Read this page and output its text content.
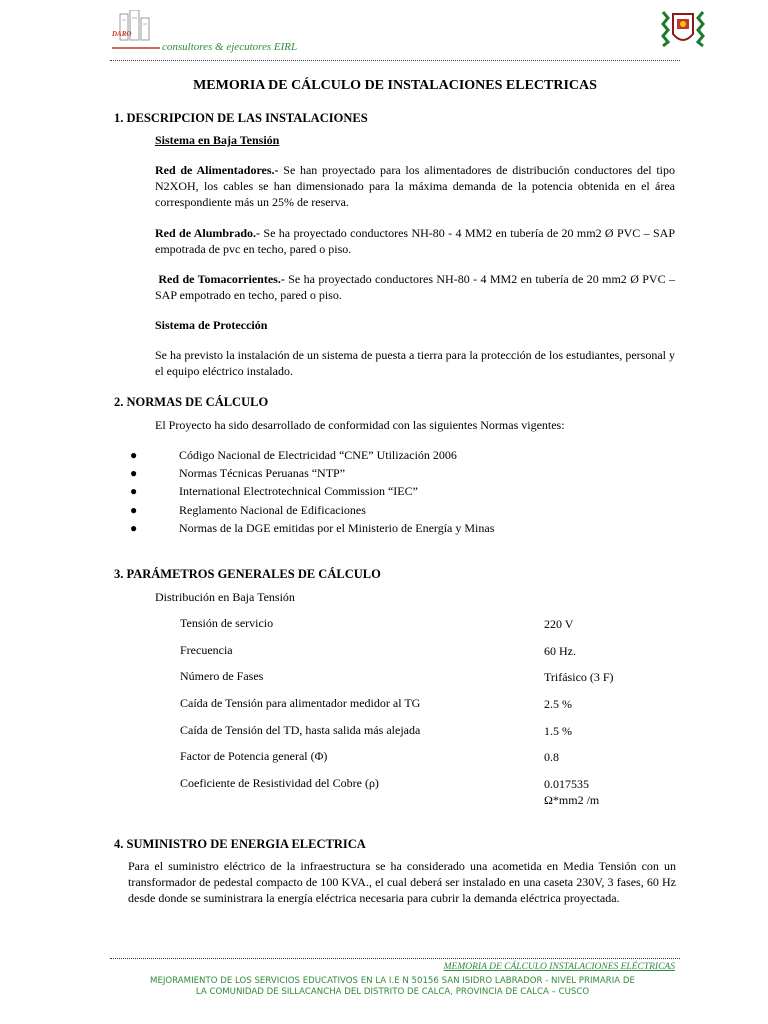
DARO
consultores & ejecutores EIRL
MEMORIA DE CÁLCULO DE INSTALACIONES ELECTRICAS
1. DESCRIPCION DE LAS INSTALACIONES
Sistema en Baja Tensión
Red de Alimentadores.- Se han proyectado para los alimentadores de distribución conductores del tipo N2XOH, los cables se han dimensionado para la máxima demanda de la potencia obtenida en el área correspondiente más un 25% de reserva.
Red de Alumbrado.- Se ha proyectado conductores NH-80 - 4 MM2 en tubería de 20 mm2 Ø PVC – SAP empotrada de pvc en techo, pared o piso.
Red de Tomacorrientes.- Se ha proyectado conductores NH-80 - 4 MM2 en tubería de 20 mm2 Ø PVC – SAP empotrado en techo, pared o piso.
Sistema de Protección
Se ha previsto la instalación de un sistema de puesta a tierra para la protección de los estudiantes, personal y el equipo eléctrico instalado.
2. NORMAS DE CÁLCULO
El Proyecto ha sido desarrollado de conformidad con las siguientes Normas vigentes:
●	Código Nacional de Electricidad “CNE” Utilización 2006
●	Normas Técnicas Peruanas “NTP”
●	International Electrotechnical Commission “IEC”
●	Reglamento Nacional de Edificaciones
●	Normas de la DGE emitidas por el Ministerio de Energía y Minas
3. PARÁMETROS GENERALES DE CÁLCULO
Distribución en Baja Tensión
Tensión de servicio	220 V
Frecuencia	60 Hz.
Número de Fases	Trifásico (3 F)
Caída de Tensión para alimentador medidor al TG	2.5 %
Caída de Tensión del TD, hasta salida más alejada	1.5 %
Factor de Potencia general (Φ)	0.8
Coeficiente de Resistividad del Cobre (ρ)	0.017535
Ω*mm2 /m
4. SUMINISTRO DE ENERGIA ELECTRICA
Para el suministro eléctrico de la infraestructura se ha considerado una acometida en Media Tensión con un transformador de pedestal compacto de 100 KVA., el cual deberá ser instalado en una caseta 230V, 3 fases, 60 Hz desde donde se suministrara la energía eléctrica necesaria para cubrir la demanda eléctrica proyectada.
MEMORIA DE CÁLCULO INSTALACIONES ELÉCTRICAS
MEJORAMIENTO DE LOS SERVICIOS EDUCATIVOS EN LA I.E N 50156 SAN ISIDRO LABRADOR - NIVEL PRIMARIA DE
LA COMUNIDAD DE SILLACANCHA DEL DISTRITO DE CALCA, PROVINCIA DE CALCA – CUSCO
